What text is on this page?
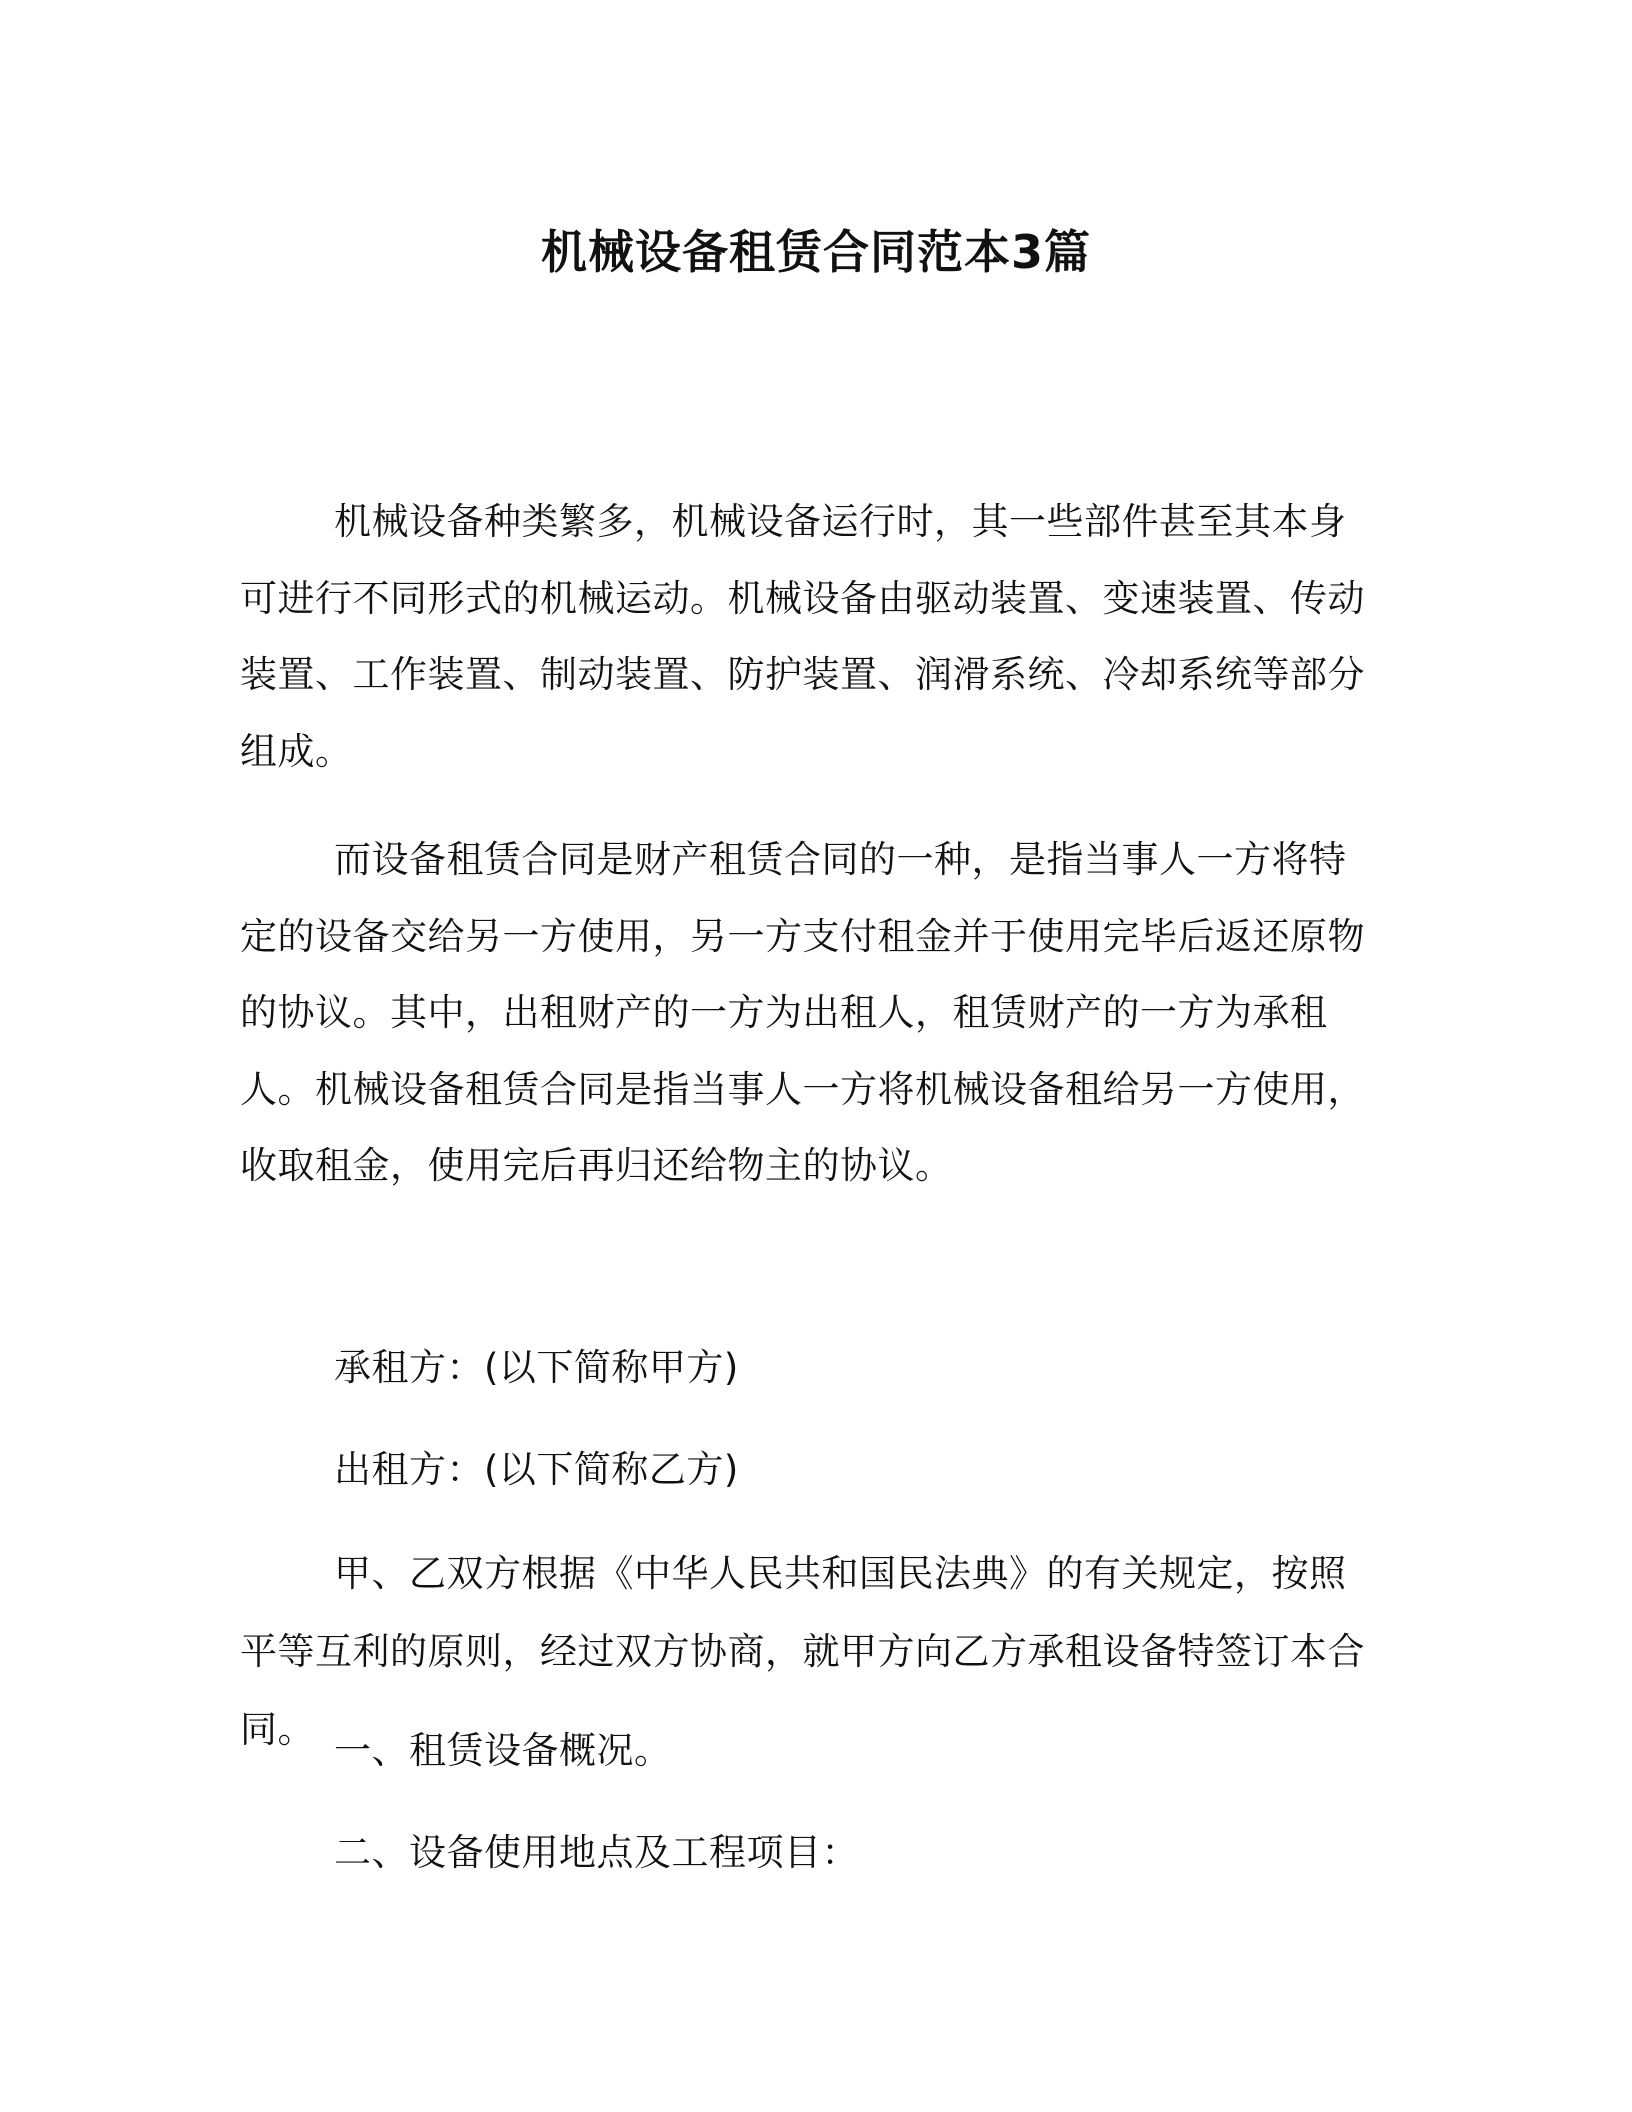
机械设备租赁合同范本3篇

机械设备种类繁多，机械设备运行时，其一些部件甚至其本身可进行不同形式的机械运动。机械设备由驱动装置、变速装置、传动装置、工作装置、制动装置、防护装置、润滑系统、冷却系统等部分组成。

而设备租赁合同是财产租赁合同的一种，是指当事人一方将特定的设备交给另一方使用，另一方支付租金并于使用完毕后返还原物的协议。其中，出租财产的一方为出租人，租赁财产的一方为承租人。机械设备租赁合同是指当事人一方将机械设备租给另一方使用，收取租金，使用完后再归还给物主的协议。

承租方：(以下简称甲方)

出租方：(以下简称乙方)

甲、乙双方根据《中华人民共和国民法典》的有关规定，按照平等互利的原则，经过双方协商，就甲方向乙方承租设备特签订本合同。 一、租赁设备概况。

二、设备使用地点及工程项目：
